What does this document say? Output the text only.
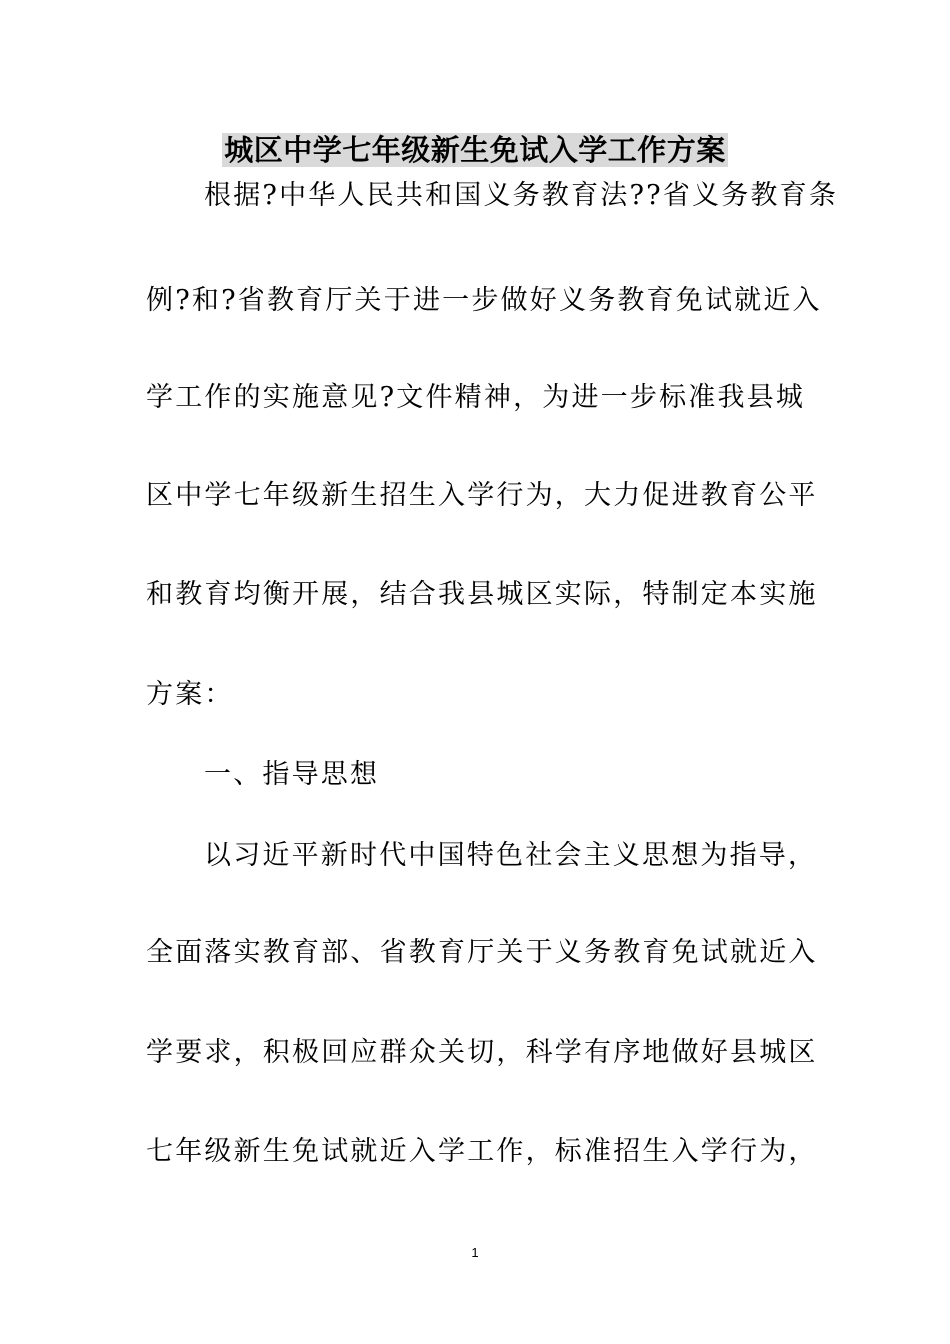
城区中学七年级新生免试入学工作方案

根据?中华人民共和国义务教育法??省义务教育条

例?和?省教育厅关于进一步做好义务教育免试就近入

学工作的实施意见?文件精神，为进一步标准我县城

区中学七年级新生招生入学行为，大力促进教育公平

和教育均衡开展，结合我县城区实际，特制定本实施

方案：

一、指导思想

以习近平新时代中国特色社会主义思想为指导，

全面落实教育部、省教育厅关于义务教育免试就近入

学要求，积极回应群众关切，科学有序地做好县城区

七年级新生免试就近入学工作，标准招生入学行为，

1
